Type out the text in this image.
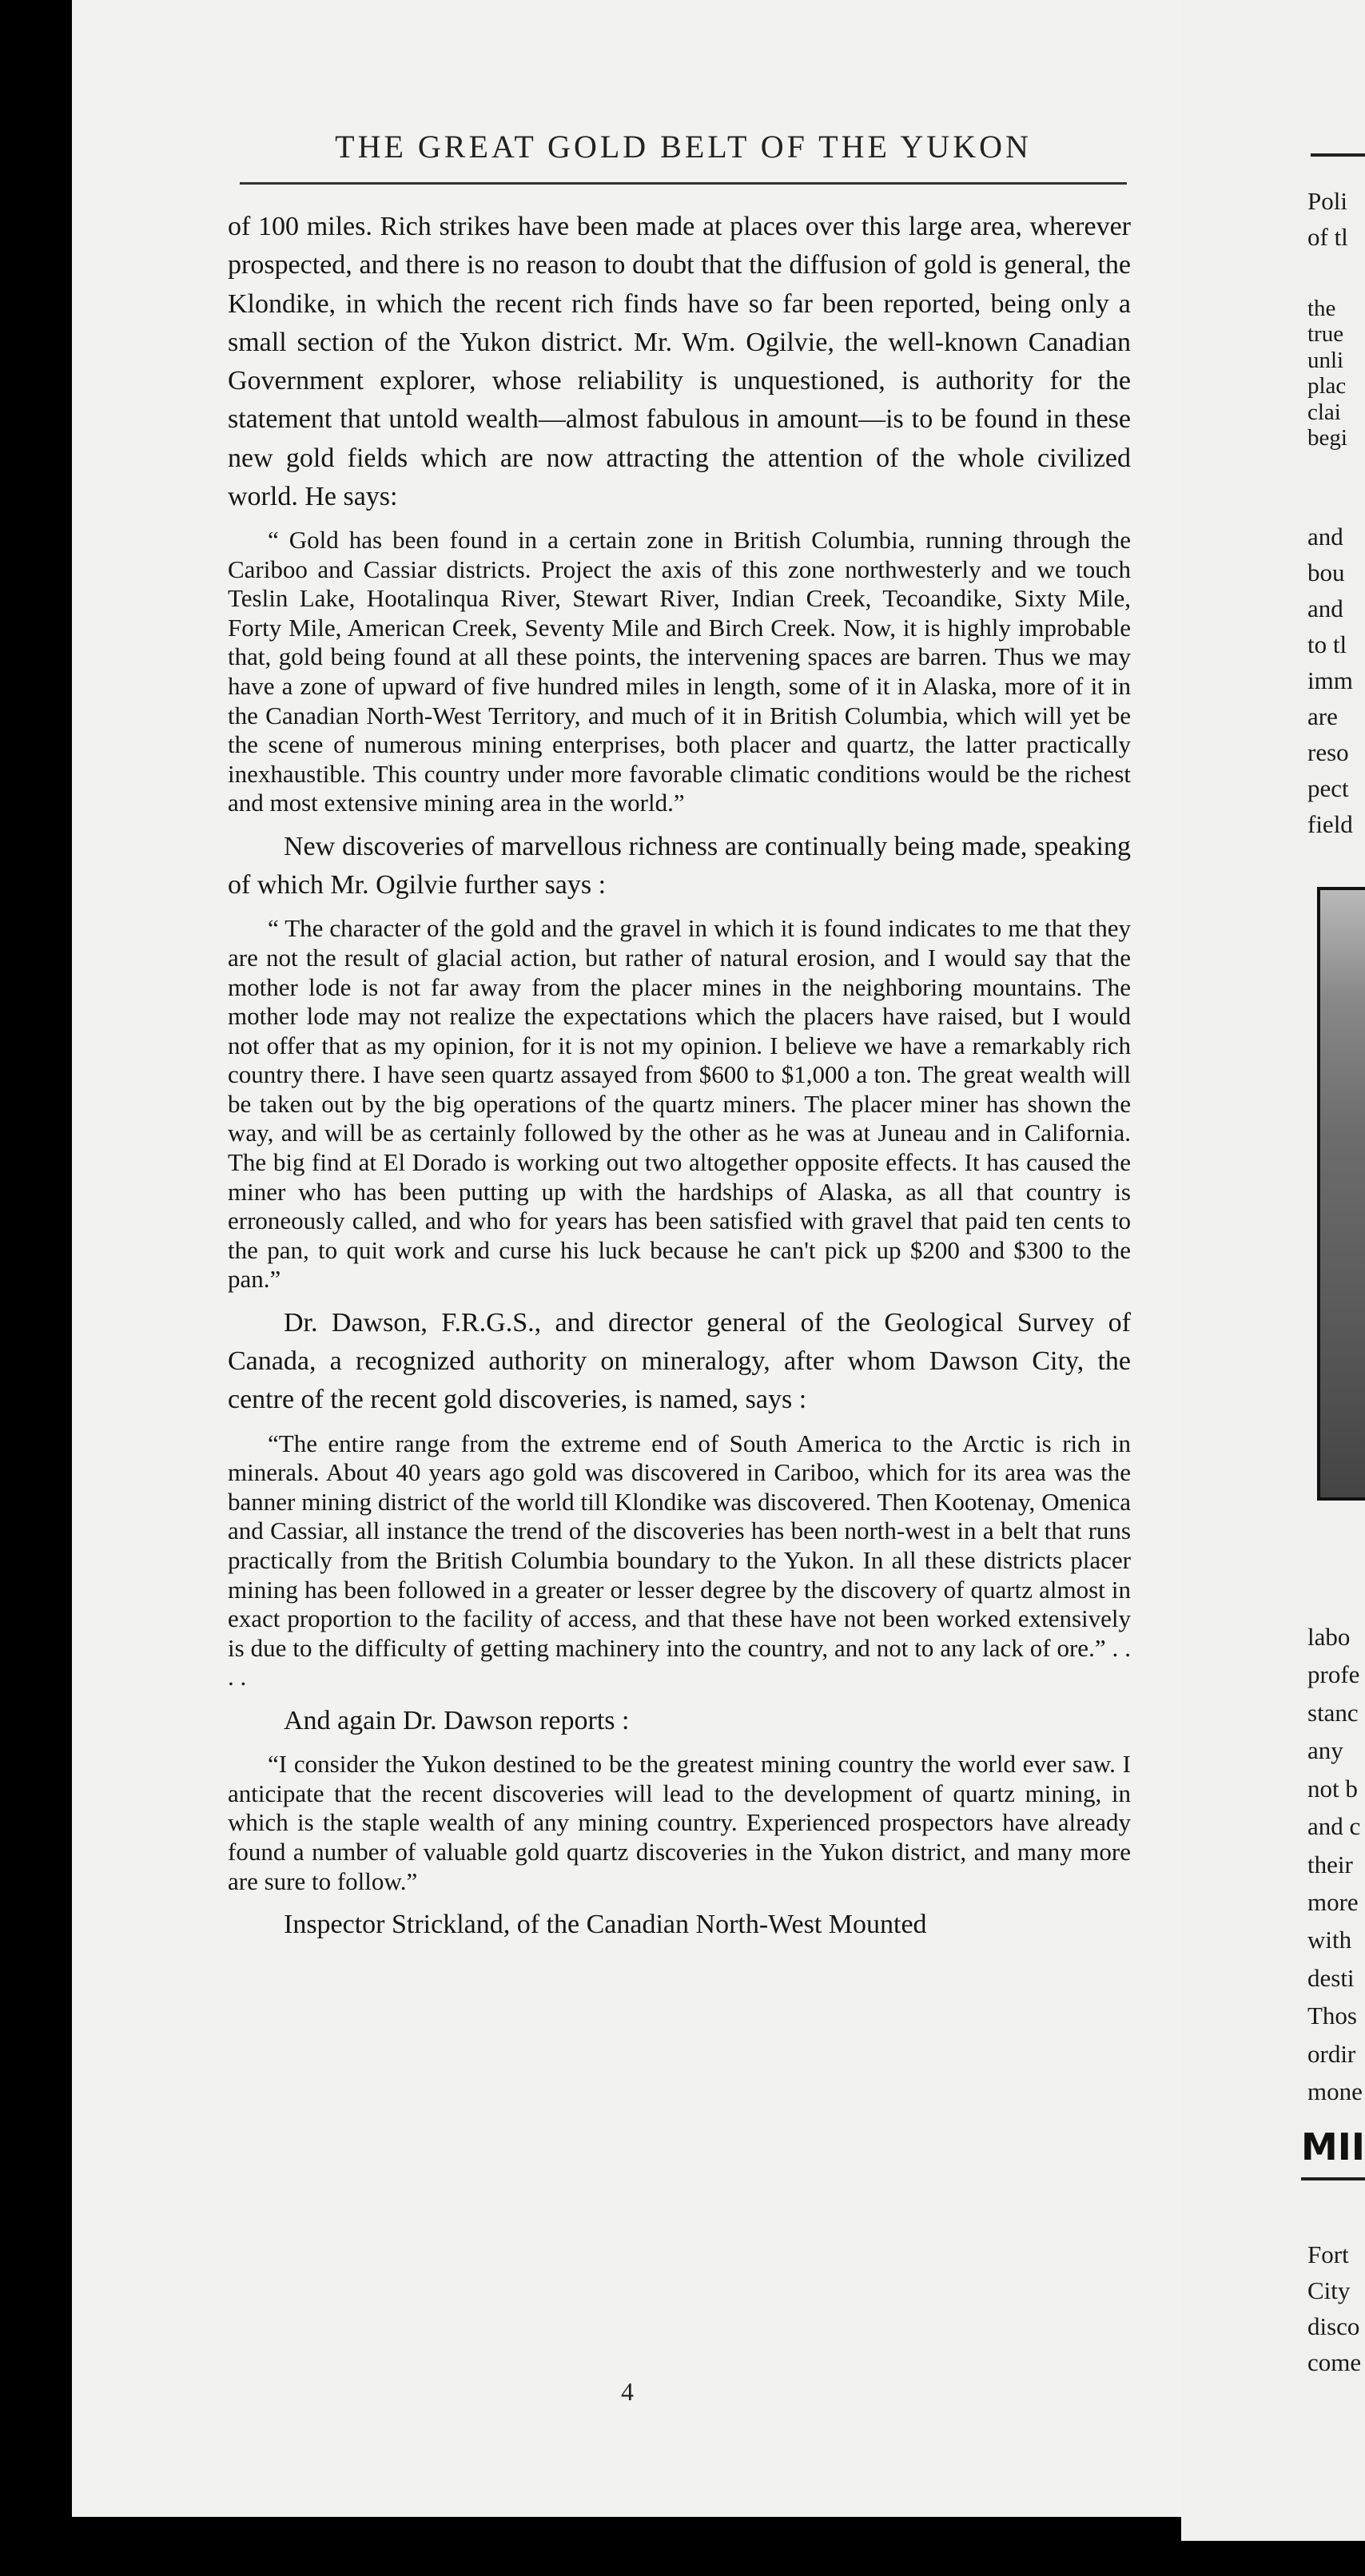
THE GREAT GOLD BELT OF THE YUKON

of 100 miles. Rich strikes have been made at places over this large area, wherever prospected, and there is no reason to doubt that the diffusion of gold is general, the Klondike, in which the recent rich finds have so far been reported, being only a small section of the Yukon district. Mr. Wm. Ogilvie, the well-known Canadian Government explorer, whose reliability is unquestioned, is authority for the statement that untold wealth—almost fabulous in amount—is to be found in these new gold fields which are now attracting the attention of the whole civilized world. He says:

“ Gold has been found in a certain zone in British Columbia, running through the Cariboo and Cassiar districts. Project the axis of this zone northwesterly and we touch Teslin Lake, Hootalinqua River, Stewart River, Indian Creek, Tecoandike, Sixty Mile, Forty Mile, American Creek, Seventy Mile and Birch Creek. Now, it is highly improbable that, gold being found at all these points, the intervening spaces are barren. Thus we may have a zone of upward of five hundred miles in length, some of it in Alaska, more of it in the Canadian North-West Territory, and much of it in British Columbia, which will yet be the scene of numerous mining enterprises, both placer and quartz, the latter practically inexhaustible. This country under more favorable climatic conditions would be the richest and most extensive mining area in the world.”

New discoveries of marvellous richness are continually being made, speaking of which Mr. Ogilvie further says :

“ The character of the gold and the gravel in which it is found indicates to me that they are not the result of glacial action, but rather of natural erosion, and I would say that the mother lode is not far away from the placer mines in the neighboring mountains. The mother lode may not realize the expectations which the placers have raised, but I would not offer that as my opinion, for it is not my opinion. I believe we have a remarkably rich country there. I have seen quartz assayed from $600 to $1,000 a ton. The great wealth will be taken out by the big operations of the quartz miners. The placer miner has shown the way, and will be as certainly followed by the other as he was at Juneau and in California. The big find at El Dorado is working out two altogether opposite effects. It has caused the miner who has been putting up with the hardships of Alaska, as all that country is erroneously called, and who for years has been satisfied with gravel that paid ten cents to the pan, to quit work and curse his luck because he can't pick up $200 and $300 to the pan.”

Dr. Dawson, F.R.G.S., and director general of the Geological Survey of Canada, a recognized authority on mineralogy, after whom Dawson City, the centre of the recent gold discoveries, is named, says :

“The entire range from the extreme end of South America to the Arctic is rich in minerals. About 40 years ago gold was discovered in Cariboo, which for its area was the banner mining district of the world till Klondike was discovered. Then Kootenay, Omenica and Cassiar, all instance the trend of the discoveries has been north-west in a belt that runs practically from the British Columbia boundary to the Yukon. In all these districts placer mining has been followed in a greater or lesser degree by the discovery of quartz almost in exact proportion to the facility of access, and that these have not been worked extensively is due to the difficulty of getting machinery into the country, and not to any lack of ore.” . . . .

And again Dr. Dawson reports :

“I consider the Yukon destined to be the greatest mining country the world ever saw. I anticipate that the recent discoveries will lead to the development of quartz mining, in which is the staple wealth of any mining country. Experienced prospectors have already found a number of valuable gold quartz discoveries in the Yukon district, and many more are sure to follow.”

Inspector Strickland, of the Canadian North-West Mounted

4
Poli
of tl
the
true
unli
plac
clai
begi
and
bou
and
to tl
imm
are
reso
pect
field
labo
profe
stanc
any
not b
and c
their
more
with
desti
Thos
ordir
mone
MII
Fort
City
disco
come
